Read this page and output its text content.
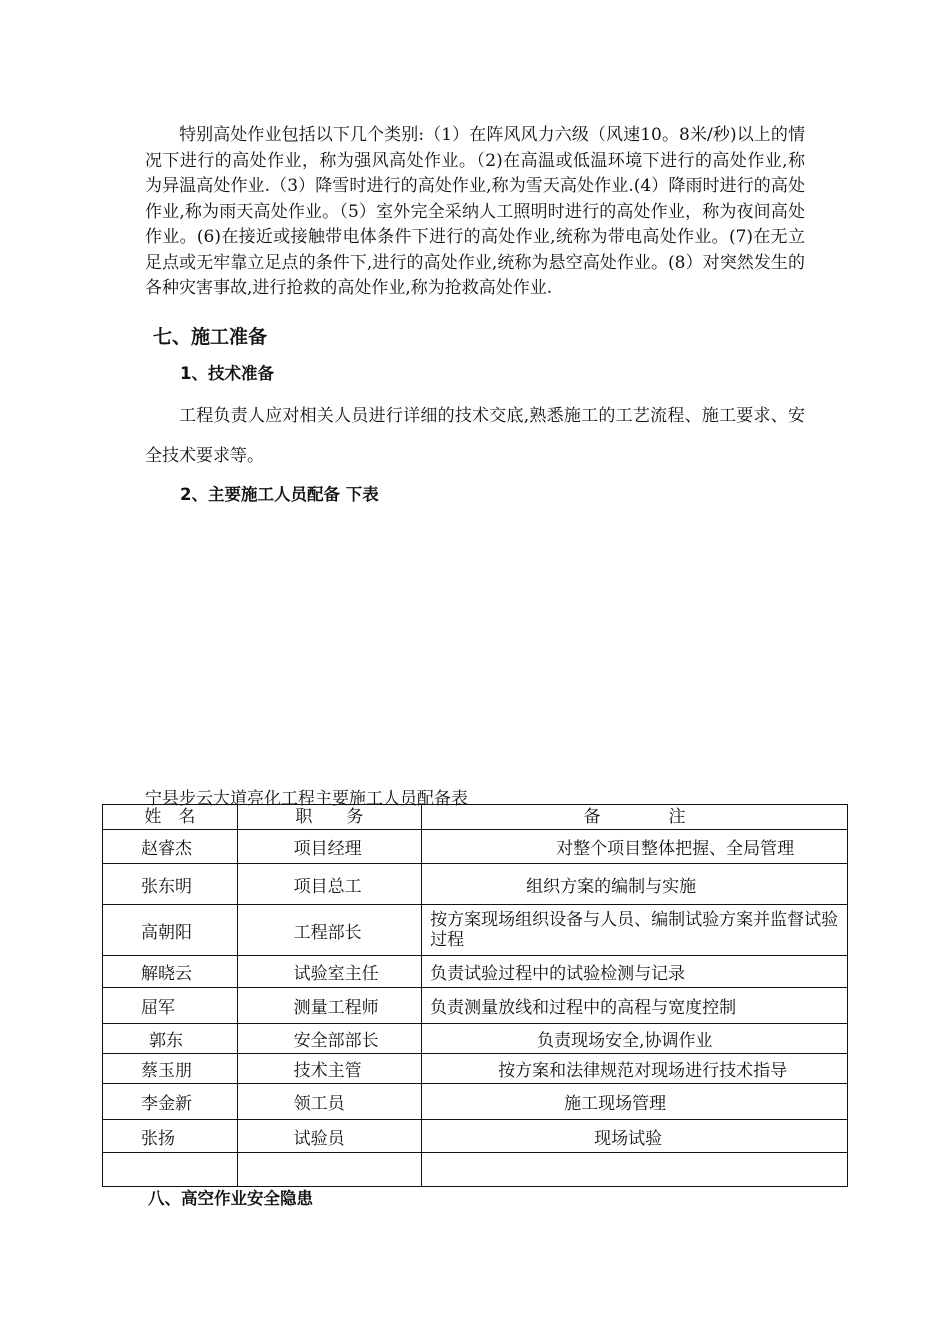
特别高处作业包括以下几个类别:（1）在阵风风力六级（风速10。8米/秒)以上的情况下进行的高处作业，称为强风高处作业。（2)在高温或低温环境下进行的高处作业,称为异温高处作业.（3）降雪时进行的高处作业,称为雪天高处作业.(4）降雨时进行的高处作业,称为雨天高处作业。（5）室外完全采纳人工照明时进行的高处作业，称为夜间高处作业。(6)在接近或接触带电体条件下进行的高处作业,统称为带电高处作业。(7)在无立足点或无牢靠立足点的条件下,进行的高处作业,统称为悬空高处作业。(8）对突然发生的各种灾害事故,进行抢救的高处作业,称为抢救高处作业.

七、施工准备
1、技术准备

工程负责人应对相关人员进行详细的技术交底,熟悉施工的工艺流程、施工要求、安全技术要求等。

2、主要施工人员配备 下表

宁县步云大道亮化工程主要施工人员配备表

姓　名	职　　务	备　　　　注
赵睿杰	项目经理	对整个项目整体把握、全局管理
张东明	项目总工	组织方案的编制与实施
高朝阳	工程部长	按方案现场组织设备与人员、编制试验方案并监督试验过程
解晓云	试验室主任	负责试验过程中的试验检测与记录
屈军	测量工程师	负责测量放线和过程中的高程与宽度控制
郭东	安全部部长	负责现场安全,协调作业
蔡玉朋	技术主管	按方案和法律规范对现场进行技术指导
李金新	领工员	施工现场管理
张扬	试验员	现场试验

八、高空作业安全隐患
